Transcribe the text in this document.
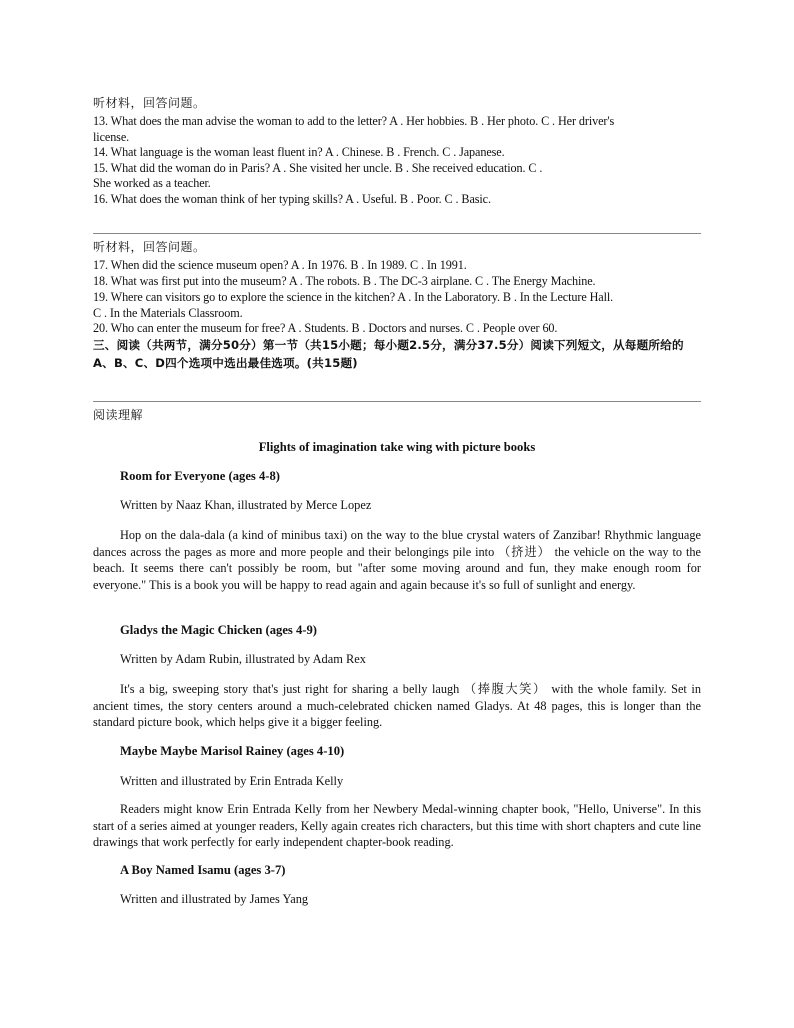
听材料，回答问题。
13. What does the man advise the woman to add to the letter? A . Her hobbies. B . Her photo. C . Her driver's
license.
14. What language is the woman least fluent in? A . Chinese. B . French. C . Japanese.
15. What did the woman do in Paris? A . She visited her uncle. B . She received education. C .
She worked as a teacher.
16. What does the woman think of her typing skills? A . Useful. B . Poor. C . Basic.
听材料，回答问题。
17. When did the science museum open? A . In 1976. B . In 1989. C . In 1991.
18. What was first put into the museum? A . The robots. B . The DC-3 airplane. C . The Energy Machine.
19. Where can visitors go to explore the science in the kitchen? A . In the Laboratory. B . In the Lecture Hall.
C . In the Materials Classroom.
20. Who can enter the museum for free? A . Students. B . Doctors and nurses. C . People over 60.
三、阅读（共两节，满分50分）第一节（共15小题；每小题2.5分，满分37.5分）阅读下列短文，从每题所给的A、B、C、D四个选项中选出最佳选项。(共15题)
阅读理解
Flights of imagination take wing with picture books
Room for Everyone (ages 4-8)
Written by Naaz Khan, illustrated by Merce Lopez
Hop on the dala-dala (a kind of minibus taxi) on the way to the blue crystal waters of Zanzibar! Rhythmic language dances across the pages as more and more people and their belongings pile into （挤进） the vehicle on the way to the beach. It seems there can't possibly be room, but "after some moving around and fun, they make enough room for everyone." This is a book you will be happy to read again and again because it's so full of sunlight and energy.
Gladys the Magic Chicken (ages 4-9)
Written by Adam Rubin, illustrated by Adam Rex
It's a big, sweeping story that's just right for sharing a belly laugh （捧腹大笑） with the whole family. Set in ancient times, the story centers around a much-celebrated chicken named Gladys. At 48 pages, this is longer than the standard picture book, which helps give it a bigger feeling.
Maybe Maybe Marisol Rainey (ages 4-10)
Written and illustrated by Erin Entrada Kelly
Readers might know Erin Entrada Kelly from her Newbery Medal-winning chapter book, "Hello, Universe". In this start of a series aimed at younger readers, Kelly again creates rich characters, but this time with short chapters and cute line drawings that work perfectly for early independent chapter-book reading.
A Boy Named Isamu (ages 3-7)
Written and illustrated by James Yang
